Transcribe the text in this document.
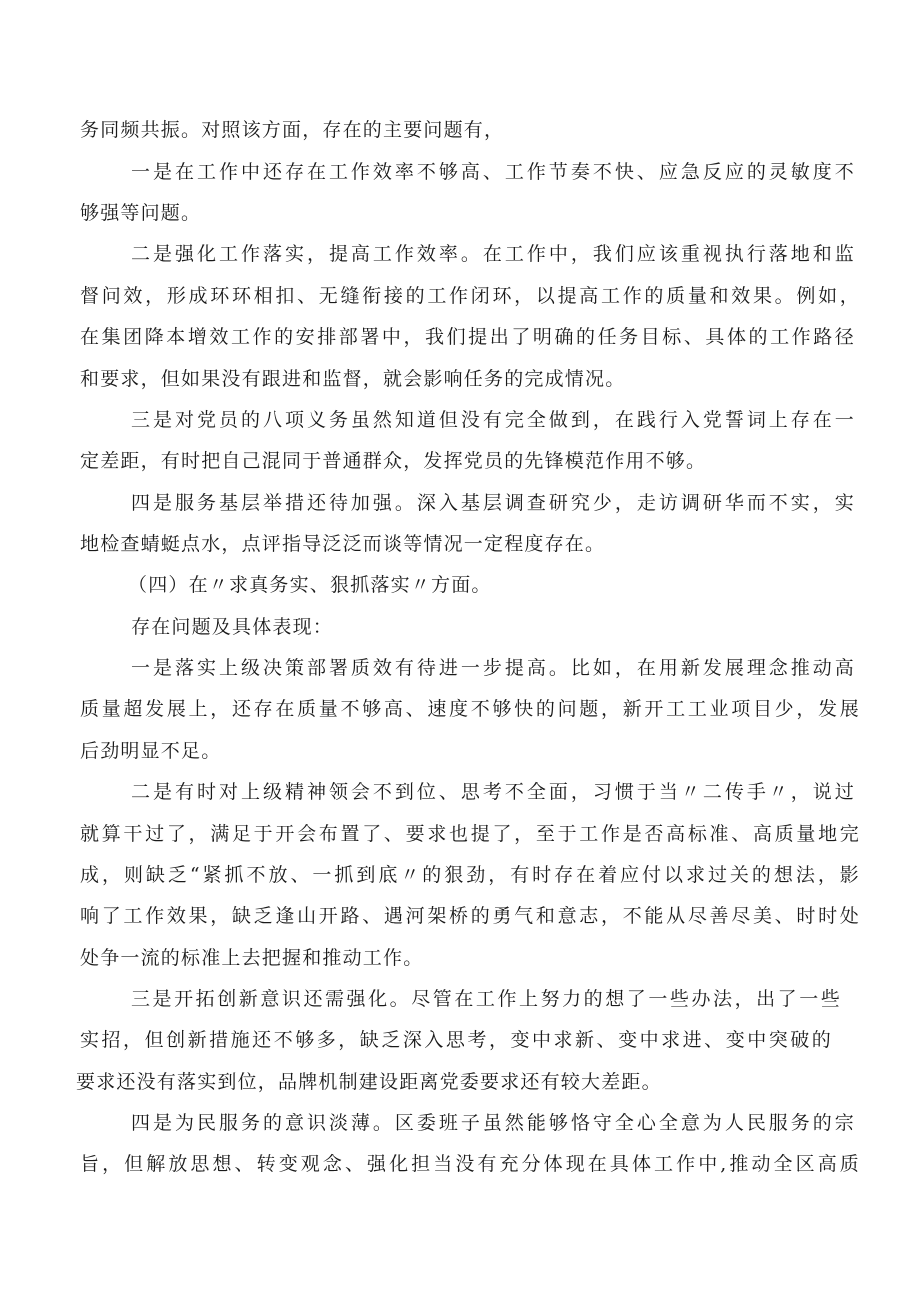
务同频共振。对照该方面，存在的主要问题有，
一是在工作中还存在工作效率不够高、工作节奏不快、应急反应的灵敏度不
够强等问题。
二是强化工作落实，提高工作效率。在工作中，我们应该重视执行落地和监
督问效，形成环环相扣、无缝衔接的工作闭环，以提高工作的质量和效果。例如，
在集团降本增效工作的安排部署中，我们提出了明确的任务目标、具体的工作路径
和要求，但如果没有跟进和监督，就会影响任务的完成情况。
三是对党员的八项义务虽然知道但没有完全做到，在践行入党誓词上存在一
定差距，有时把自己混同于普通群众，发挥党员的先锋模范作用不够。
四是服务基层举措还待加强。深入基层调查研究少，走访调研华而不实，实
地检查蜻蜓点水，点评指导泛泛而谈等情况一定程度存在。
（四）在〃求真务实、狠抓落实〃方面。
存在问题及具体表现：
一是落实上级决策部署质效有待进一步提高。比如，在用新发展理念推动高
质量超发展上，还存在质量不够高、速度不够快的问题，新开工工业项目少，发展
后劲明显不足。
二是有时对上级精神领会不到位、思考不全面，习惯于当〃二传手〃，说过
就算干过了，满足于开会布置了、要求也提了，至于工作是否高标准、高质量地完
成，则缺乏“紧抓不放、一抓到底〃的狠劲，有时存在着应付以求过关的想法，影
响了工作效果，缺乏逢山开路、遇河架桥的勇气和意志，不能从尽善尽美、时时处
处争一流的标准上去把握和推动工作。
三是开拓创新意识还需强化。尽管在工作上努力的想了一些办法，出了一些
实招，但创新措施还不够多，缺乏深入思考，变中求新、变中求进、变中突破的
要求还没有落实到位，品牌机制建设距离党委要求还有较大差距。
四是为民服务的意识淡薄。区委班子虽然能够恪守全心全意为人民服务的宗
旨，但解放思想、转变观念、强化担当没有充分体现在具体工作中,推动全区高质
